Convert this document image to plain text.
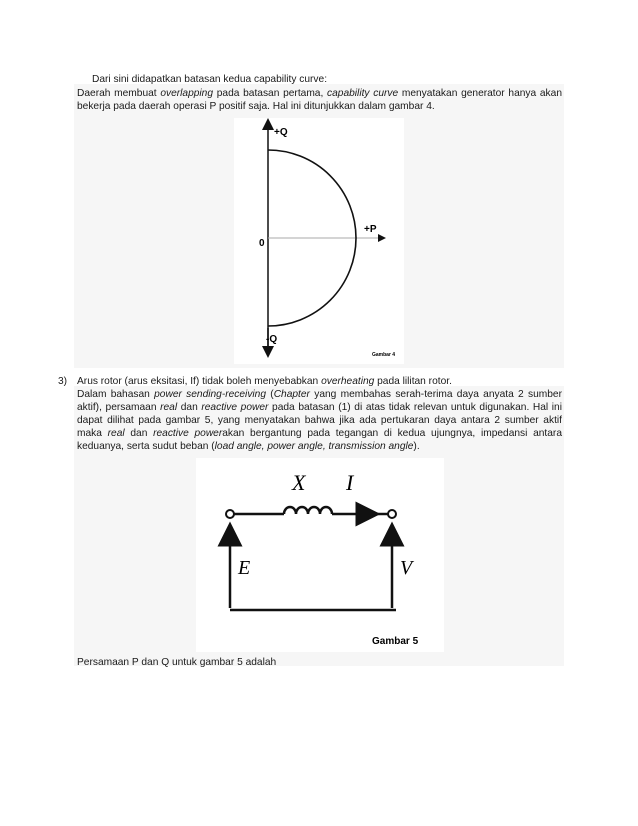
Dari sini didapatkan batasan kedua capability curve:
Daerah membuat overlapping pada batasan pertama, capability curve menyatakan generator hanya akan
bekerja pada daerah operasi P positif saja. Hal ini ditunjukkan dalam gambar 4.
+Q
-Q
+P
0
Gambar 4
3) Arus rotor (arus eksitasi, If) tidak boleh menyebabkan overheating pada lilitan rotor.
Dalam bahasan power sending-receiving (Chapter yang membahas serah-terima daya anyata 2 sumber
aktif), persamaan real dan reactive power pada batasan (1) di atas tidak relevan untuk digunakan. Hal ini
dapat dilihat pada gambar 5, yang menyatakan bahwa jika ada pertukaran daya antara 2 sumber aktif
maka real dan reactive powerakan bergantung pada tegangan di kedua ujungnya, impedansi antara
keduanya, serta sudut beban (load angle, power angle, transmission angle).
X I
E	V
Gambar 5
Persamaan P dan Q untuk gambar 5 adalah
